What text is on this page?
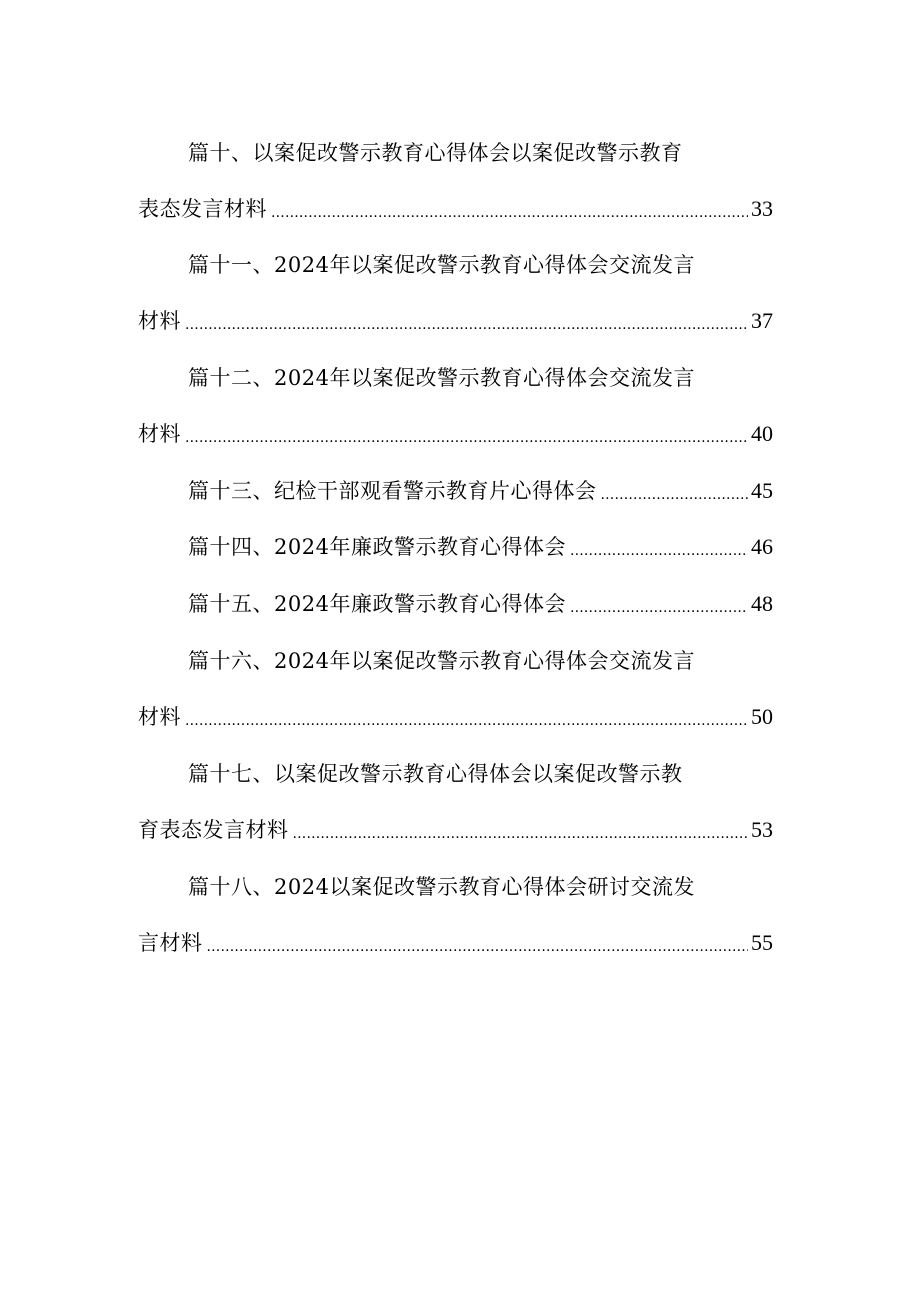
篇十、以案促改警示教育心得体会以案促改警示教育
表态发言材料 .....	33
篇十一、2024年以案促改警示教育心得体会交流发言
材料 .....	37
篇十二、2024年以案促改警示教育心得体会交流发言
材料 .....	40
篇十三、纪检干部观看警示教育片心得体会 .....	45
篇十四、2024年廉政警示教育心得体会 .....	46
篇十五、2024年廉政警示教育心得体会 .....	48
篇十六、2024年以案促改警示教育心得体会交流发言
材料 .....	50
篇十七、以案促改警示教育心得体会以案促改警示教
育表态发言材料 .....	53
篇十八、2024以案促改警示教育心得体会研讨交流发
言材料 .....	55
